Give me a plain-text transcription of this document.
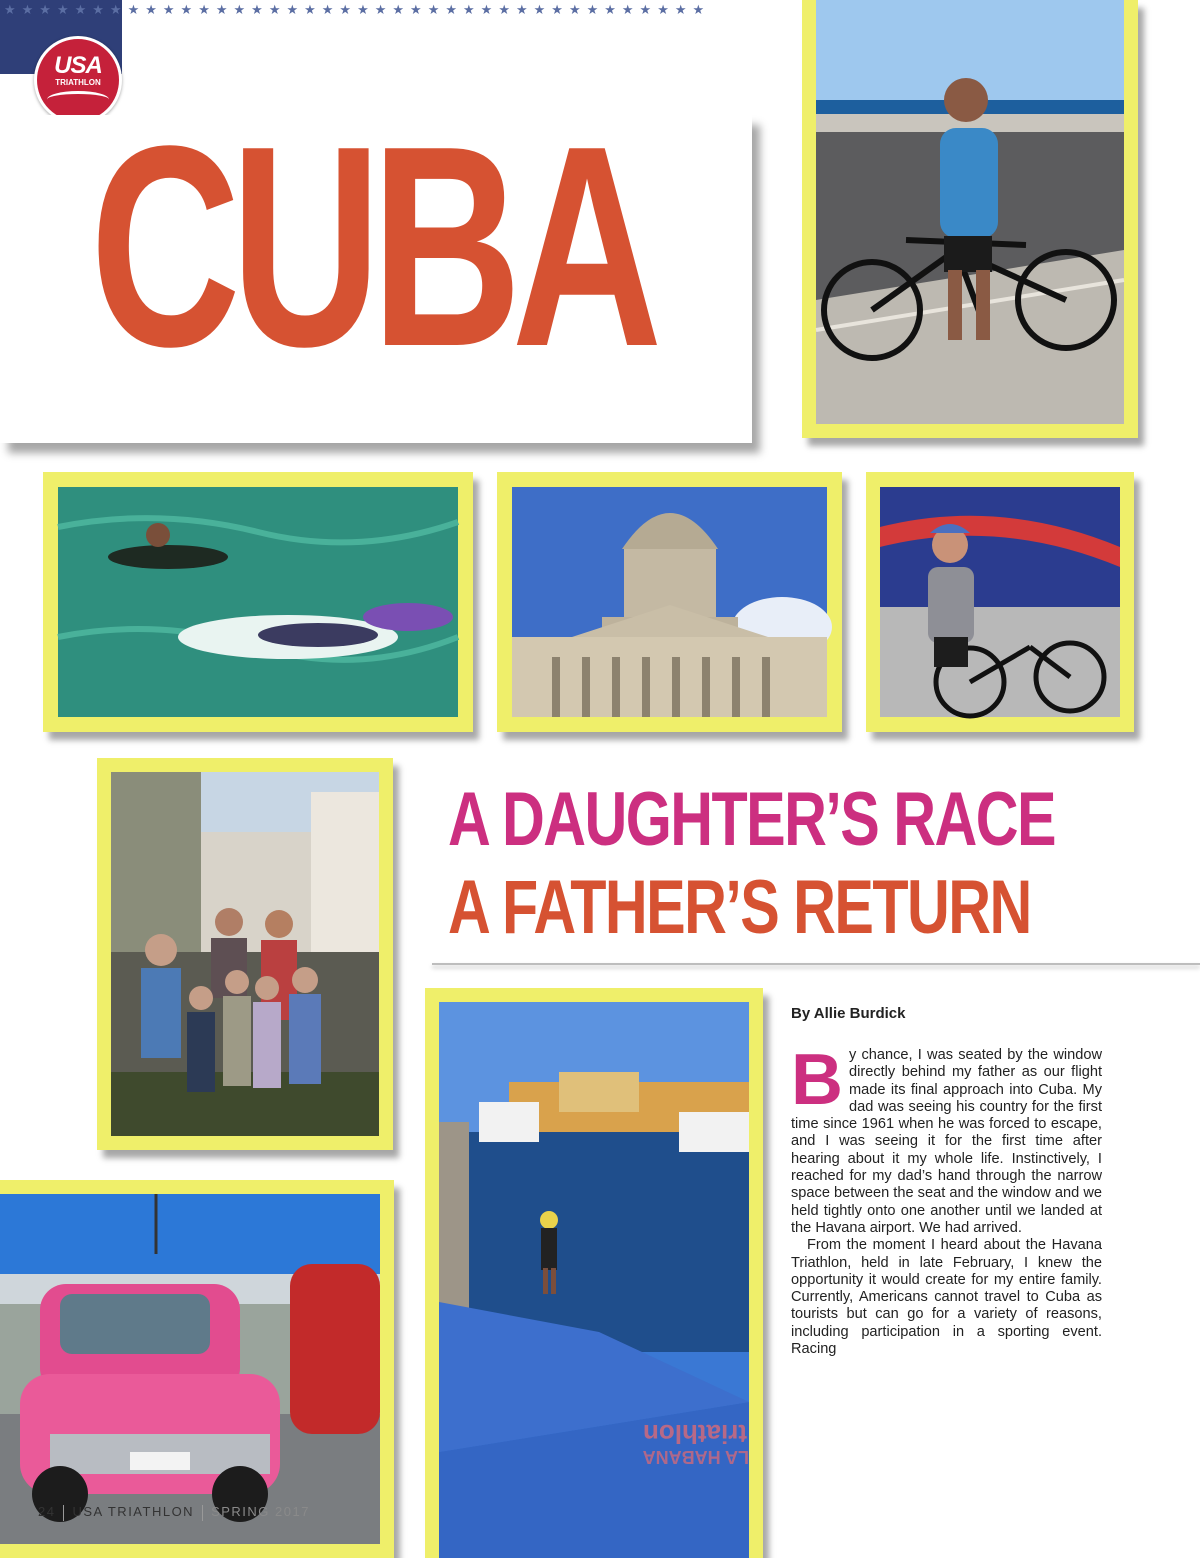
★★★★★★★★★★★★★★★★★★★★★★★★★★★★★★★★★★★★★★★★
USA
TRIATHLON
CUBA
triathlon
LA HABANA
A DAUGHTER’S RACE
A FATHER’S RETURN
By Allie Burdick

By chance, I was seated by the window directly behind my father as our flight made its final approach into Cuba. My dad was seeing his country for the first time since 1961 when he was forced to escape, and I was seeing it for the first time after hearing about it my whole life. Instinctively, I reached for my dad’s hand through the narrow space between the seat and the window and we held tightly onto one another until we landed at the Havana airport. We had arrived.

From the moment I heard about the Havana Triathlon, held in late February, I knew the opportunity it would create for my entire family. Currently, Americans cannot travel to Cuba as tourists but can go for a variety of reasons, including participation in a sporting event. Racing

24 USA TRIATHLON SPRING 2017
